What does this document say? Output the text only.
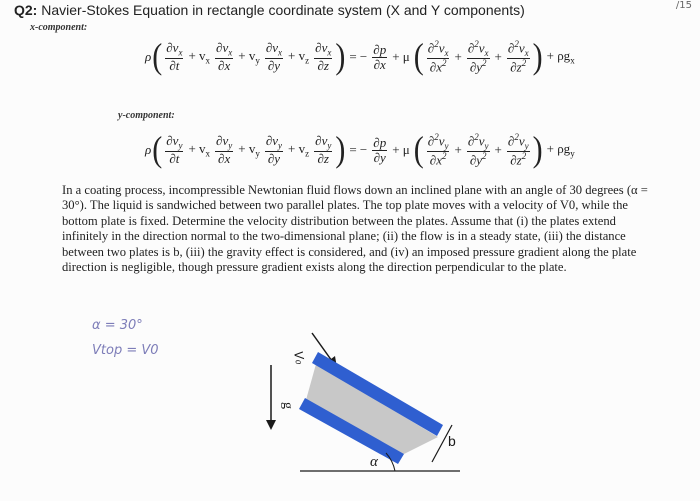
Q2: Navier-Stokes Equation in rectangle coordinate system (X and Y components)	/15
x-component:
ρ ( $\frac{\partial v_x}{\partial t} + v_x \frac{\partial v_x}{\partial x} + v_y \frac{\partial v_x}{\partial y} + v_z \frac{\partial v_x}{\partial z}$ ) = − $\frac{\partial p}{\partial x} + \mu$ ( $\frac{\partial^2v_x}{\partial x^2} + \frac{\partial^2v_x}{\partial y^2} + \frac{\partial^2v_x}{\partial z^2}$ ) + $\rho g_x$
y-component:
ρ ( $\frac{\partial v_y}{\partial t} + v_x \frac{\partial v_y}{\partial x} + v_y \frac{\partial v_y}{\partial y} + v_z \frac{\partial v_y}{\partial z}$ ) = − $\frac{\partial p}{\partial y} + \mu$ ( $\frac{\partial^2v_y}{\partial x^2} + \frac{\partial^2v_y}{\partial y^2} + \frac{\partial^2v_y}{\partial z^2}$ ) + $\rho g_y$
In a coating process, incompressible Newtonian fluid flows down an inclined plane with an angle of 30 degrees (α = 30°). The liquid is sandwiched between two parallel plates. The top plate moves with a velocity of V0, while the bottom plate is fixed. Determine the velocity distribution between the plates. Assume that (i) the plates extend infinitely in the direction normal to the two-dimensional plane; (ii) the flow is in a steady state, (iii) the distance between two plates is b, (iii) the gravity effect is considered, and (iv) an imposed pressure gradient along the plate direction is negligible, though pressure gradient exists along the direction perpendicular to the plate.
α = 30°
Vtop = V0	V₀
g
b
α
